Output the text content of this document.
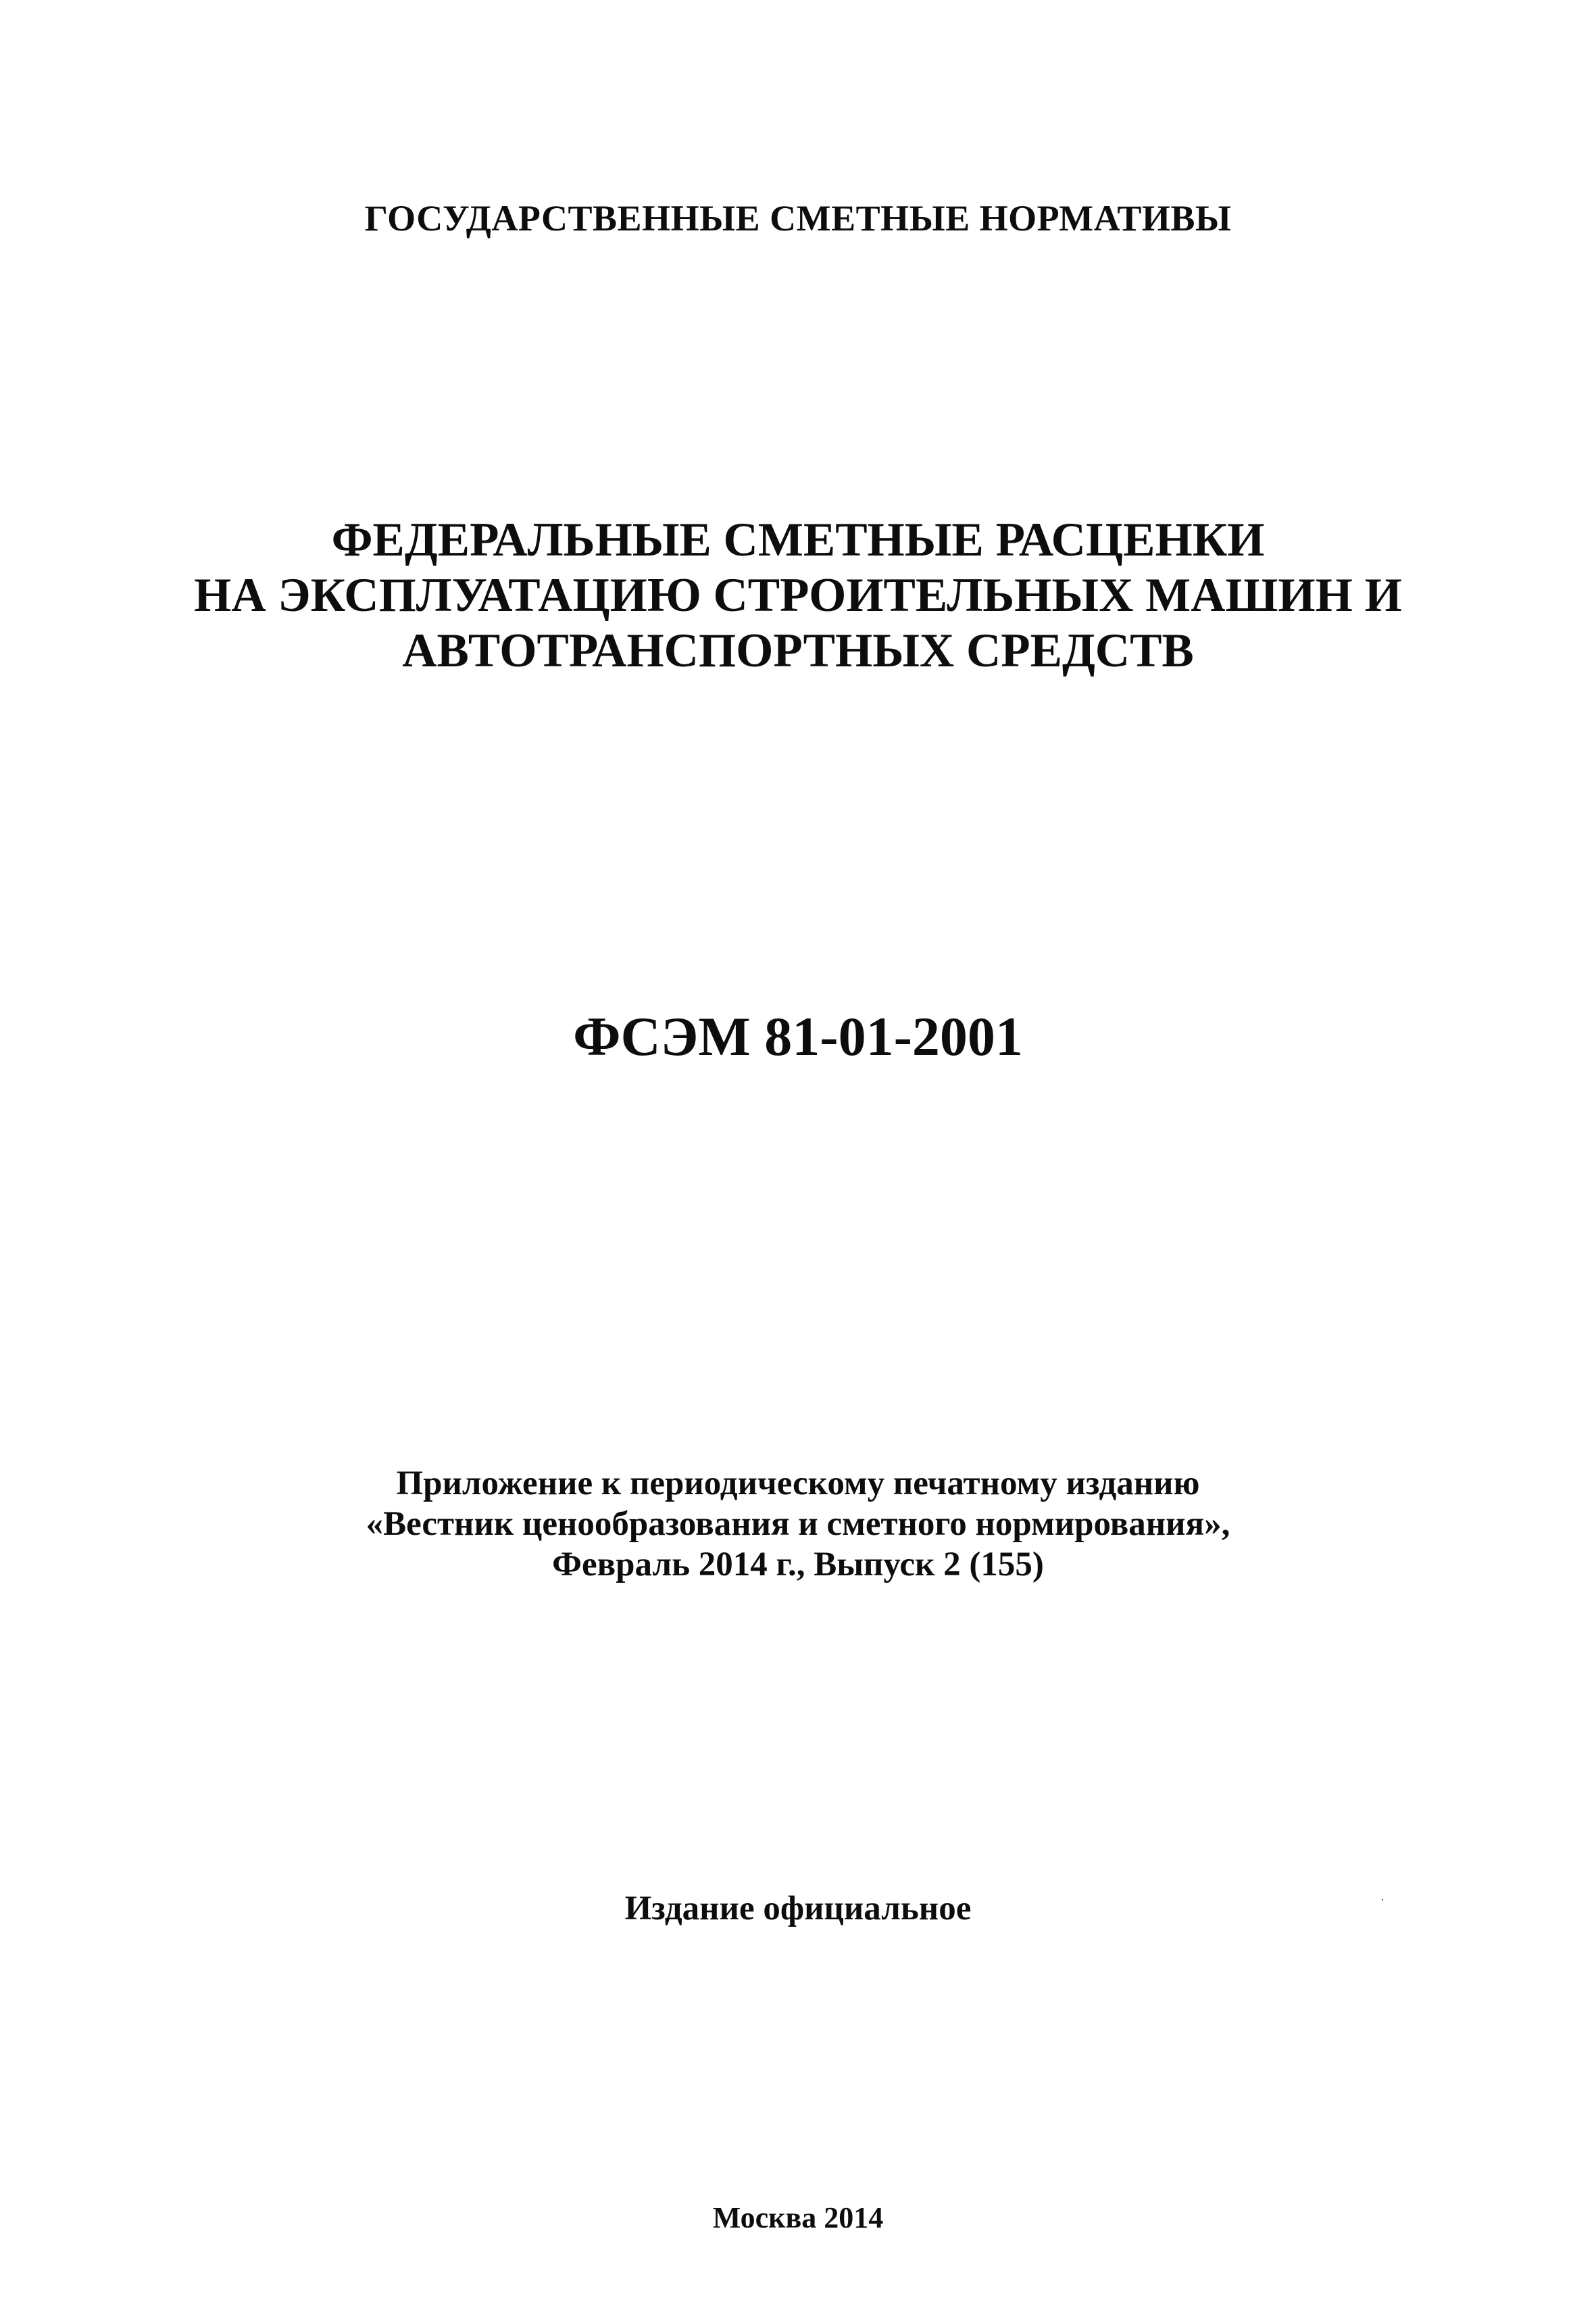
ГОСУДАРСТВЕННЫЕ СМЕТНЫЕ НОРМАТИВЫ

ФЕДЕРАЛЬНЫЕ СМЕТНЫЕ РАСЦЕНКИ

НА ЭКСПЛУАТАЦИЮ СТРОИТЕЛЬНЫХ МАШИН И

АВТОТРАНСПОРТНЫХ СРЕДСТВ

ФСЭМ 81-01-2001

Приложение к периодическому печатному изданию

«Вестник ценообразования и сметного нормирования»,

Февраль 2014 г., Выпуск 2 (155)

Издание официальное

Москва 2014
